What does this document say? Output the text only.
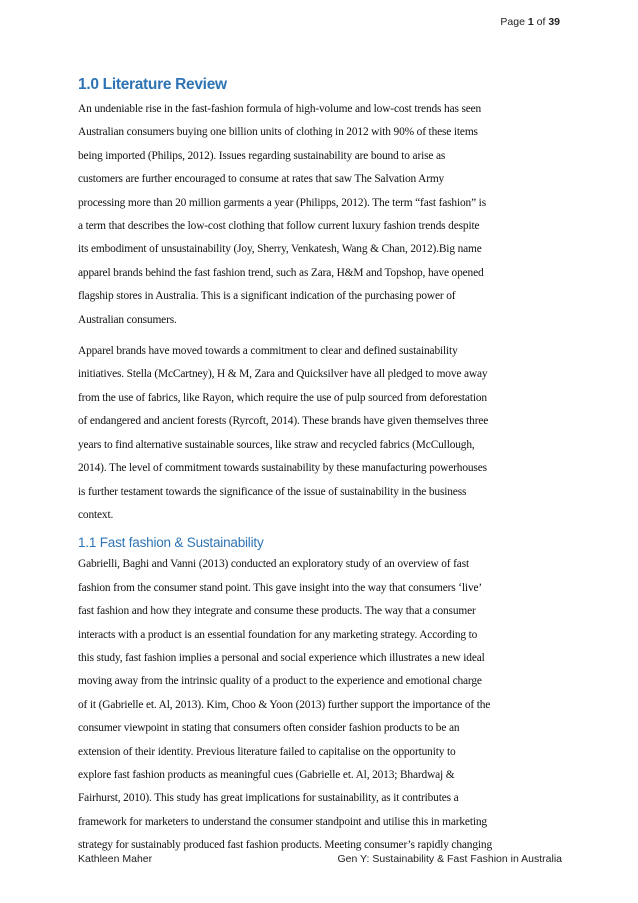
Page 1 of 39
1.0 Literature Review
An undeniable rise in the fast-fashion formula of high-volume and low-cost trends has seen
Australian consumers buying one billion units of clothing in 2012 with 90% of these items
being imported (Philips, 2012). Issues regarding sustainability are bound to arise as
customers are further encouraged to consume at rates that saw The Salvation Army
processing more than 20 million garments a year (Philipps, 2012). The term “fast fashion” is
a term that describes the low-cost clothing that follow current luxury fashion trends despite
its embodiment of unsustainability (Joy, Sherry, Venkatesh, Wang & Chan, 2012).Big name
apparel brands behind the fast fashion trend, such as Zara, H&M and Topshop, have opened
flagship stores in Australia. This is a significant indication of the purchasing power of
Australian consumers.
Apparel brands have moved towards a commitment to clear and defined sustainability
initiatives. Stella (McCartney), H & M, Zara and Quicksilver have all pledged to move away
from the use of fabrics, like Rayon, which require the use of pulp sourced from deforestation
of endangered and ancient forests (Ryrcoft, 2014). These brands have given themselves three
years to find alternative sustainable sources, like straw and recycled fabrics (McCullough,
2014). The level of commitment towards sustainability by these manufacturing powerhouses
is further testament towards the significance of the issue of sustainability in the business
context.
1.1 Fast fashion & Sustainability
Gabrielli, Baghi and Vanni (2013) conducted an exploratory study of an overview of fast
fashion from the consumer stand point. This gave insight into the way that consumers ‘live’
fast fashion and how they integrate and consume these products. The way that a consumer
interacts with a product is an essential foundation for any marketing strategy. According to
this study, fast fashion implies a personal and social experience which illustrates a new ideal
moving away from the intrinsic quality of a product to the experience and emotional charge
of it (Gabrielle et. Al, 2013). Kim, Choo & Yoon (2013) further support the importance of the
consumer viewpoint in stating that consumers often consider fashion products to be an
extension of their identity. Previous literature failed to capitalise on the opportunity to
explore fast fashion products as meaningful cues (Gabrielle et. Al, 2013; Bhardwaj &
Fairhurst, 2010). This study has great implications for sustainability, as it contributes a
framework for marketers to understand the consumer standpoint and utilise this in marketing
strategy for sustainably produced fast fashion products. Meeting consumer’s rapidly changing
Kathleen Maher	Gen Y: Sustainability & Fast Fashion in Australia
